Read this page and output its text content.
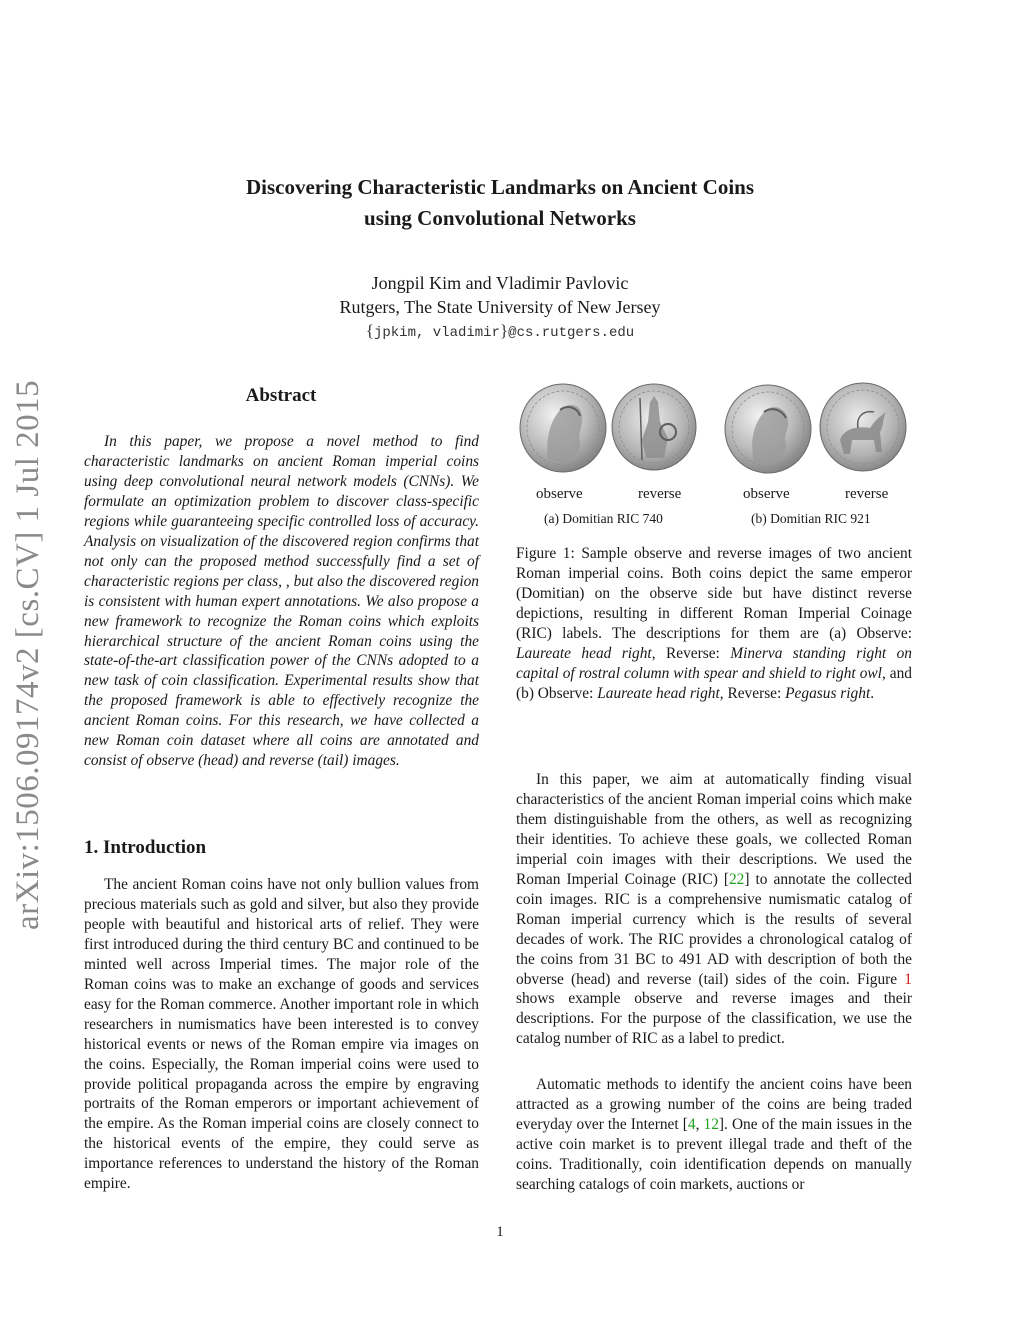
Discovering Characteristic Landmarks on Ancient Coins
using Convolutional Networks
Jongpil Kim and Vladimir Pavlovic
Rutgers, The State University of New Jersey
{jpkim, vladimir}@cs.rutgers.edu
arXiv:1506.09174v2 [cs.CV] 1 Jul 2015	Abstract

In this paper, we propose a novel method to find characteristic landmarks on ancient Roman imperial coins using deep convolutional neural network models (CNNs). We formulate an optimization problem to discover class-specific regions while guaranteeing specific controlled loss of accuracy. Analysis on visualization of the discovered region confirms that not only can the proposed method successfully find a set of characteristic regions per class, , but also the discovered region is consistent with human expert annotations. We also propose a new framework to recognize the Roman coins which exploits hierarchical structure of the ancient Roman coins using the state-of-the-art classification power of the CNNs adopted to a new task of coin classification. Experimental results show that the proposed framework is able to effectively recognize the ancient Roman coins. For this research, we have collected a new Roman coin dataset where all coins are annotated and consist of observe (head) and reverse (tail) images.

1. Introduction

The ancient Roman coins have not only bullion values from precious materials such as gold and silver, but also they provide people with beautiful and historical arts of relief. They were first introduced during the third century BC and continued to be minted well across Imperial times. The major role of the Roman coins was to make an exchange of goods and services easy for the Roman commerce. Another important role in which researchers in numismatics have been interested is to convey historical events or news of the Roman empire via images on the coins. Especially, the Roman imperial coins were used to provide political propaganda across the empire by engraving portraits of the Roman emperors or important achievement of the empire. As the Roman imperial coins are closely connect to the historical events of the empire, they could serve as importance references to understand the history of the Roman empire.

observe	reverse	observe	reverse
(a) Domitian RIC 740	(b) Domitian RIC 921

Figure 1: Sample observe and reverse images of two ancient Roman imperial coins. Both coins depict the same emperor (Domitian) on the observe side but have distinct reverse depictions, resulting in different Roman Imperial Coinage (RIC) labels. The descriptions for them are (a) Observe: Laureate head right, Reverse: Minerva standing right on capital of rostral column with spear and shield to right owl, and (b) Observe: Laureate head right, Reverse: Pegasus right.

In this paper, we aim at automatically finding visual characteristics of the ancient Roman imperial coins which make them distinguishable from the others, as well as recognizing their identities. To achieve these goals, we collected Roman imperial coin images with their descriptions. We used the Roman Imperial Coinage (RIC) [22] to annotate the collected coin images. RIC is a comprehensive numismatic catalog of Roman imperial currency which is the results of several decades of work. The RIC provides a chronological catalog of the coins from 31 BC to 491 AD with description of both the obverse (head) and reverse (tail) sides of the coin. Figure 1 shows example observe and reverse images and their descriptions. For the purpose of the classification, we use the catalog number of RIC as a label to predict.

Automatic methods to identify the ancient coins have been attracted as a growing number of the coins are being traded everyday over the Internet [4, 12]. One of the main issues in the active coin market is to prevent illegal trade and theft of the coins. Traditionally, coin identification depends on manually searching catalogs of coin markets, auctions or

1
